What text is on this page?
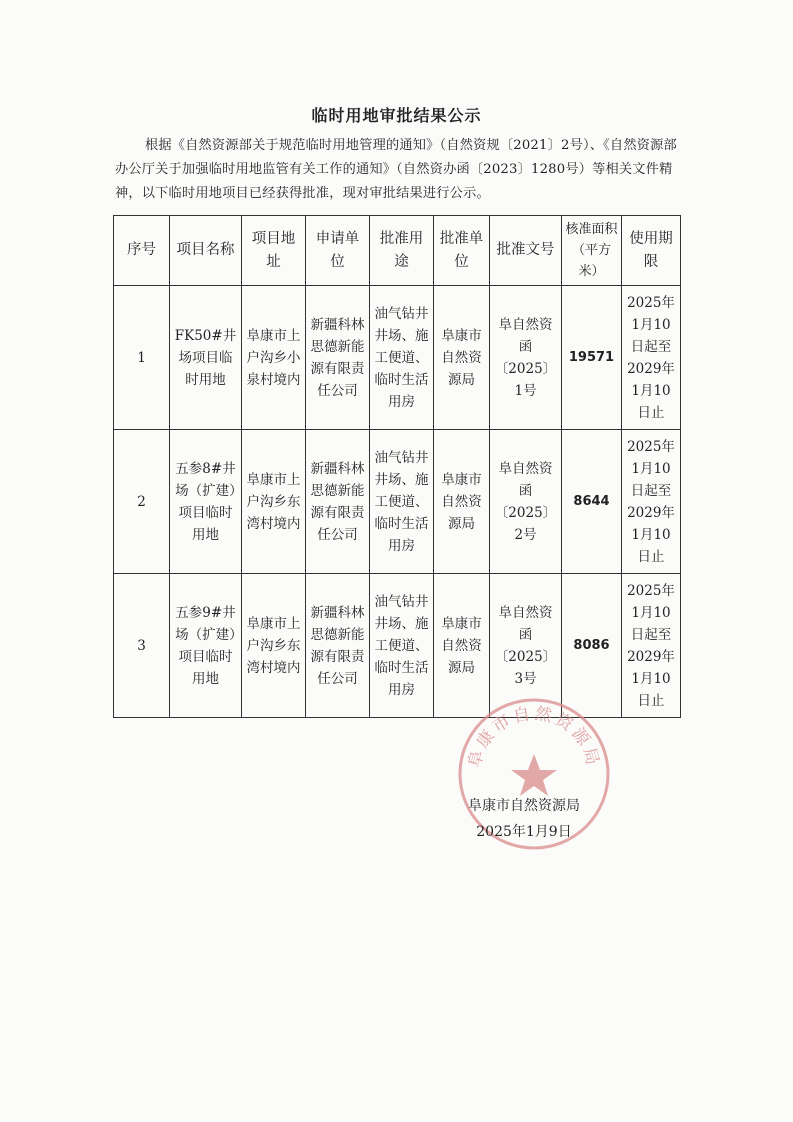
临时用地审批结果公示
根据《自然资源部关于规范临时用地管理的通知》（自然资规〔2021〕2号）、《自然资源部办公厅关于加强临时用地监管有关工作的通知》（自然资办函〔2023〕1280号）等相关文件精神，以下临时用地项目已经获得批准，现对审批结果进行公示。
序号	项目名称	项目地址	申请单位	批准用途	批准单位	批准文号	核准面积（平方米）	使用期限
1	FK50#井场项目临时用地	阜康市上户沟乡小泉村境内	新疆科林思德新能源有限责任公司	油气钻井井场、施工便道、临时生活用房	阜康市自然资源局	阜自然资函〔2025〕1号	19571	2025年1月10日起至2029年1月10日止
2	五参8#井场（扩建）项目临时用地	阜康市上户沟乡东湾村境内	新疆科林思德新能源有限责任公司	油气钻井井场、施工便道、临时生活用房	阜康市自然资源局	阜自然资函〔2025〕2号	8644	2025年1月10日起至2029年1月10日止
3	五参9#井场（扩建）项目临时用地	阜康市上户沟乡东湾村境内	新疆科林思德新能源有限责任公司	油气钻井井场、施工便道、临时生活用房	阜康市自然资源局	阜自然资函〔2025〕3号	8086	2025年1月10日起至2029年1月10日止
阜康市自然资源局
阜康市自然资源局
2025年1月9日
